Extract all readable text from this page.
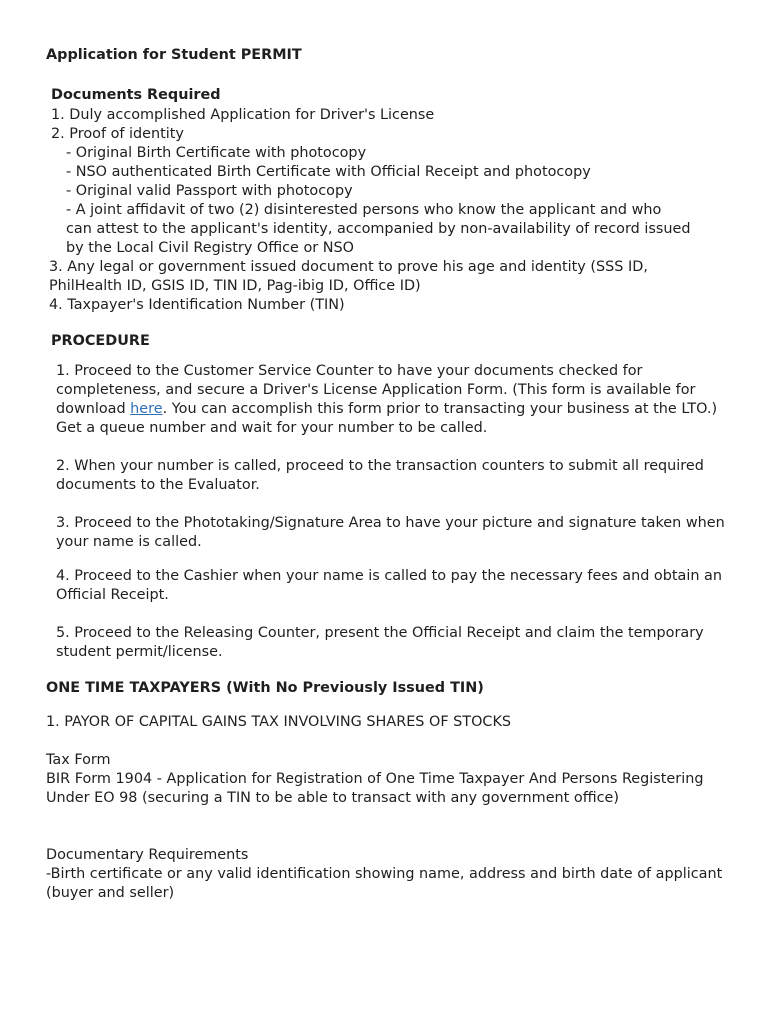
Application for Student PERMIT
Documents Required
1. Duly accomplished Application for Driver's License
2. Proof of identity
- Original Birth Certificate with photocopy
- NSO authenticated Birth Certificate with Official Receipt and photocopy
- Original valid Passport with photocopy
- A joint affidavit of two (2) disinterested persons who know the applicant and who
can attest to the applicant's identity, accompanied by non-availability of record issued
by the Local Civil Registry Office or NSO
3. Any legal or government issued document to prove his age and identity (SSS ID,
PhilHealth ID, GSIS ID, TIN ID, Pag-ibig ID, Office ID)
4. Taxpayer's Identification Number (TIN)
PROCEDURE

1. Proceed to the Customer Service Counter to have your documents checked for completeness, and secure a Driver's License Application Form. (This form is available for download here. You can accomplish this form prior to transacting your business at the LTO.) Get a queue number and wait for your number to be called.

2. When your number is called, proceed to the transaction counters to submit all required documents to the Evaluator.

3. Proceed to the Phototaking/Signature Area to have your picture and signature taken when your name is called.

4. Proceed to the Cashier when your name is called to pay the necessary fees and obtain an Official Receipt.

5. Proceed to the Releasing Counter, present the Official Receipt and claim the temporary student permit/license.

ONE TIME TAXPAYERS (With No Previously Issued TIN)
1. PAYOR OF CAPITAL GAINS TAX INVOLVING SHARES OF STOCKS
Tax Form

BIR Form 1904 - Application for Registration of One Time Taxpayer And Persons Registering Under EO 98 (securing a TIN to be able to transact with any government office)

Documentary Requirements

-Birth certificate or any valid identification showing name, address and birth date of applicant (buyer and seller)
